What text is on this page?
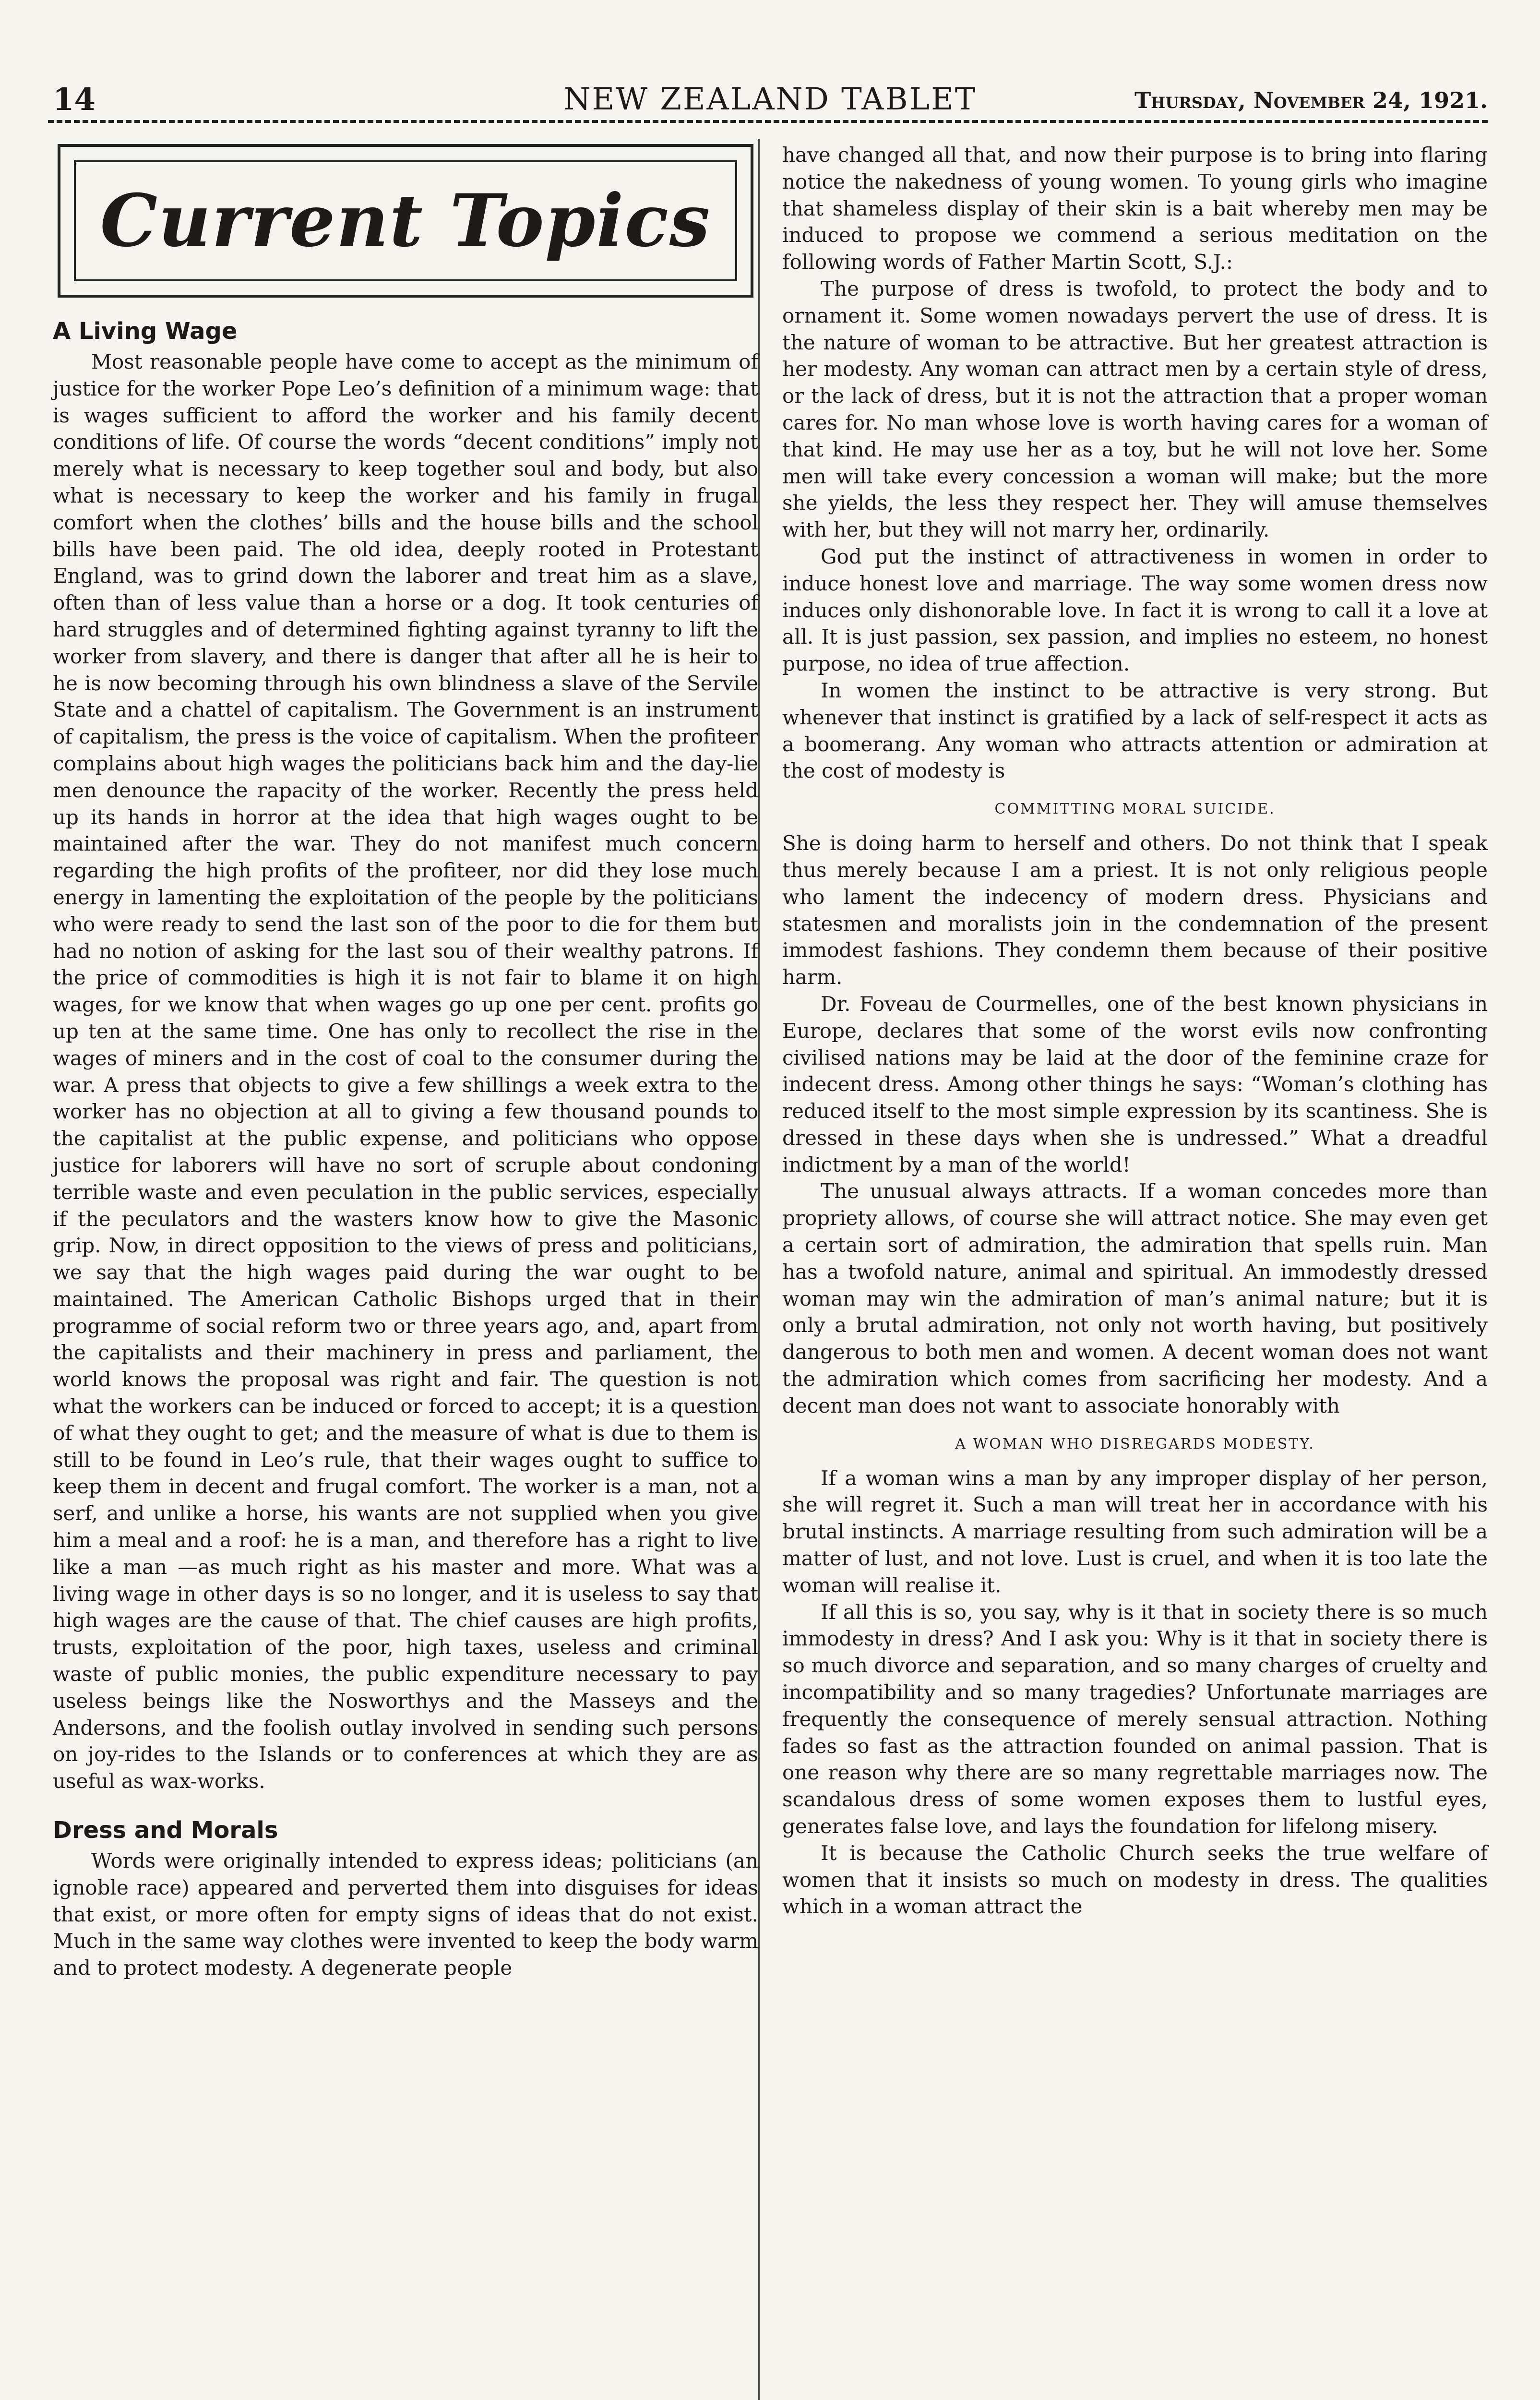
14	NEW ZEALAND TABLET	Thursday, November 24, 1921.
Current Topics
A Living Wage

Most reasonable people have come to accept as the minimum of justice for the worker Pope Leo’s definition of a minimum wage: that is wages sufficient to afford the worker and his family decent conditions of life. Of course the words “decent conditions” imply not merely what is necessary to keep together soul and body, but also what is necessary to keep the worker and his family in frugal comfort when the clothes’ bills and the house bills and the school bills have been paid. The old idea, deeply rooted in Protestant England, was to grind down the laborer and treat him as a slave, often than of less value than a horse or a dog. It took centuries of hard struggles and of determined fighting against tyranny to lift the worker from slavery, and there is danger that after all he is heir to he is now becoming through his own blindness a slave of the Servile State and a chattel of capitalism. The Government is an instrument of capitalism, the press is the voice of capitalism. When the profiteer complains about high wages the politicians back him and the day-lie men denounce the rapacity of the worker. Recently the press held up its hands in horror at the idea that high wages ought to be maintained after the war. They do not manifest much concern regarding the high profits of the profiteer, nor did they lose much energy in lamenting the exploitation of the people by the politicians who were ready to send the last son of the poor to die for them but had no notion of asking for the last sou of their wealthy patrons. If the price of commodities is high it is not fair to blame it on high wages, for we know that when wages go up one per cent. profits go up ten at the same time. One has only to recollect the rise in the wages of miners and in the cost of coal to the consumer during the war. A press that objects to give a few shillings a week extra to the worker has no objection at all to giving a few thousand pounds to the capitalist at the public expense, and politicians who oppose justice for laborers will have no sort of scruple about condoning terrible waste and even peculation in the public services, especially if the peculators and the wasters know how to give the Masonic grip. Now, in direct opposition to the views of press and politicians, we say that the high wages paid during the war ought to be maintained. The American Catholic Bishops urged that in their programme of social reform two or three years ago, and, apart from the capitalists and their machinery in press and parliament, the world knows the proposal was right and fair. The question is not what the workers can be induced or forced to accept; it is a question of what they ought to get; and the measure of what is due to them is still to be found in Leo’s rule, that their wages ought to suffice to keep them in decent and frugal comfort. The worker is a man, not a serf, and unlike a horse, his wants are not supplied when you give him a meal and a roof: he is a man, and therefore has a right to live like a man —as much right as his master and more. What was a living wage in other days is so no longer, and it is useless to say that high wages are the cause of that. The chief causes are high profits, trusts, exploitation of the poor, high taxes, useless and criminal waste of public monies, the public expenditure necessary to pay useless beings like the Nosworthys and the Masseys and the Andersons, and the foolish outlay involved in sending such persons on joy-rides to the Islands or to conferences at which they are as useful as wax-works.

Dress and Morals

Words were originally intended to express ideas; politicians (an ignoble race) appeared and perverted them into disguises for ideas that exist, or more often for empty signs of ideas that do not exist. Much in the same way clothes were invented to keep the body warm and to protect modesty. A degenerate people

have changed all that, and now their purpose is to bring into flaring notice the nakedness of young women. To young girls who imagine that shameless display of their skin is a bait whereby men may be induced to propose we commend a serious meditation on the following words of Father Martin Scott, S.J.:

The purpose of dress is twofold, to protect the body and to ornament it. Some women nowadays pervert the use of dress. It is the nature of woman to be attractive. But her greatest attraction is her modesty. Any woman can attract men by a certain style of dress, or the lack of dress, but it is not the attraction that a proper woman cares for. No man whose love is worth having cares for a woman of that kind. He may use her as a toy, but he will not love her. Some men will take every concession a woman will make; but the more she yields, the less they respect her. They will amuse themselves with her, but they will not marry her, ordinarily.

God put the instinct of attractiveness in women in order to induce honest love and marriage. The way some women dress now induces only dishonorable love. In fact it is wrong to call it a love at all. It is just passion, sex passion, and implies no esteem, no honest purpose, no idea of true affection.

In women the instinct to be attractive is very strong. But whenever that instinct is gratified by a lack of self-respect it acts as a boomerang. Any woman who attracts attention or admiration at the cost of modesty is

COMMITTING MORAL SUICIDE.

She is doing harm to herself and others. Do not think that I speak thus merely because I am a priest. It is not only religious people who lament the indecency of modern dress. Physicians and statesmen and moralists join in the condemnation of the present immodest fashions. They condemn them because of their positive harm.

Dr. Foveau de Courmelles, one of the best known physicians in Europe, declares that some of the worst evils now confronting civilised nations may be laid at the door of the feminine craze for indecent dress. Among other things he says: “Woman’s clothing has reduced itself to the most simple expression by its scantiness. She is dressed in these days when she is undressed.” What a dreadful indictment by a man of the world!

The unusual always attracts. If a woman concedes more than propriety allows, of course she will attract notice. She may even get a certain sort of admiration, the admiration that spells ruin. Man has a twofold nature, animal and spiritual. An immodestly dressed woman may win the admiration of man’s animal nature; but it is only a brutal admiration, not only not worth having, but positively dangerous to both men and women. A decent woman does not want the admiration which comes from sacrificing her modesty. And a decent man does not want to associate honorably with

A WOMAN WHO DISREGARDS MODESTY.

If a woman wins a man by any improper display of her person, she will regret it. Such a man will treat her in accordance with his brutal instincts. A marriage resulting from such admiration will be a matter of lust, and not love. Lust is cruel, and when it is too late the woman will realise it.

If all this is so, you say, why is it that in society there is so much immodesty in dress? And I ask you: Why is it that in society there is so much divorce and separation, and so many charges of cruelty and incompatibility and so many tragedies? Unfortunate marriages are frequently the consequence of merely sensual attraction. Nothing fades so fast as the attraction founded on animal passion. That is one reason why there are so many regrettable marriages now. The scandalous dress of some women exposes them to lustful eyes, generates false love, and lays the foundation for lifelong misery.

It is because the Catholic Church seeks the true welfare of women that it insists so much on modesty in dress. The qualities which in a woman attract the
